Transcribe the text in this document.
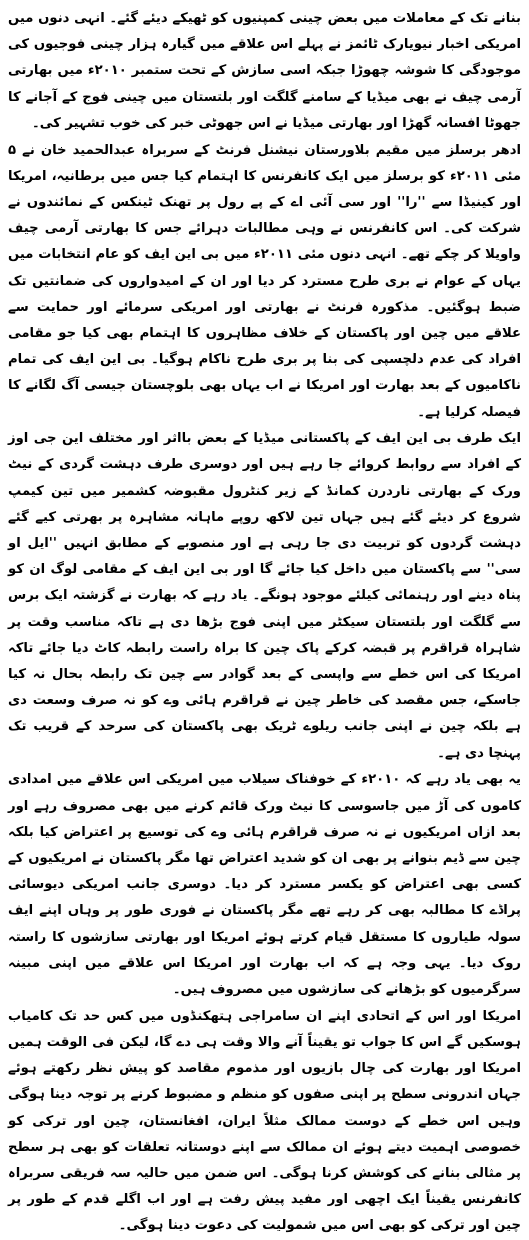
بنانے تک کے معاملات میں بعض چینی کمپنیوں کو ٹھیکے دیئے گئے۔ انہی دنوں میں امریکی اخبار نیویارک ٹائمز نے پہلے اس علاقے میں گیارہ ہزار چینی فوجیوں کی موجودگی کا شوشہ چھوڑا جبکہ اسی سازش کے تحت ستمبر ۲۰۱۰ء میں بھارتی آرمی چیف نے بھی میڈیا کے سامنے گلگت اور بلتستان میں چینی فوج کے آجانے کا جھوٹا افسانہ گھڑا اور بھارتی میڈیا نے اس جھوٹی خبر کی خوب تشہیر کی۔

ادھر برسلز میں مقیم بلاورستان نیشنل فرنٹ کے سربراہ عبدالحمید خان نے ۵ مئی ۲۰۱۱ء کو برسلز میں ایک کانفرنس کا اہتمام کیا جس میں برطانیہ، امریکا اور کینیڈا سے ''را'' اور سی آئی اے کے پے رول پر تھنک ٹینکس کے نمائندوں نے شرکت کی۔ اس کانفرنس نے وہی مطالبات دہرائے جس کا بھارتی آرمی چیف واویلا کر چکے تھے۔ انہی دنوں مئی ۲۰۱۱ء میں بی این ایف کو عام انتخابات میں یہاں کے عوام نے بری طرح مسترد کر دیا اور ان کے امیدواروں کی ضمانتیں تک ضبط ہوگئیں۔ مذکورہ فرنٹ نے بھارتی اور امریکی سرمائے اور حمایت سے علاقے میں چین اور پاکستان کے خلاف مظاہروں کا اہتمام بھی کیا جو مقامی افراد کی عدم دلچسپی کی بنا پر بری طرح ناکام ہوگیا۔ بی این ایف کی تمام ناکامیوں کے بعد بھارت اور امریکا نے اب یہاں بھی بلوچستان جیسی آگ لگانے کا فیصلہ کرلیا ہے۔

ایک طرف بی این ایف کے پاکستانی میڈیا کے بعض بااثر اور مختلف این جی اوز کے افراد سے روابط کروائے جا رہے ہیں اور دوسری طرف دہشت گردی کے نیٹ ورک کے بھارتی ناردرن کمانڈ کے زیر کنٹرول مقبوضہ کشمیر میں تین کیمپ شروع کر دیئے گئے ہیں جہاں تین لاکھ روپے ماہانہ مشاہرہ پر بھرتی کیے گئے دہشت گردوں کو تربیت دی جا رہی ہے اور منصوبے کے مطابق انہیں ''ایل او سی'' سے پاکستان میں داخل کیا جائے گا اور بی این ایف کے مقامی لوگ ان کو پناہ دینے اور رہنمائی کیلئے موجود ہونگے۔ یاد رہے کہ بھارت نے گزشتہ ایک برس سے گلگت اور بلتستان سیکٹر میں اپنی فوج بڑھا دی ہے تاکہ مناسب وقت پر شاہراہ قراقرم پر قبضہ کرکے پاک چین کا براہ راست رابطہ کاٹ دیا جائے تاکہ امریکا کی اس خطے سے واپسی کے بعد گوادر سے چین تک رابطہ بحال نہ کیا جاسکے، جس مقصد کی خاطر چین نے قراقرم ہائی وے کو نہ صرف وسعت دی ہے بلکہ چین نے اپنی جانب ریلوے ٹریک بھی پاکستان کی سرحد کے قریب تک پہنچا دی ہے۔

یہ بھی یاد رہے کہ ۲۰۱۰ء کے خوفناک سیلاب میں امریکی اس علاقے میں امدادی کاموں کی آڑ میں جاسوسی کا نیٹ ورک قائم کرنے میں بھی مصروف رہے اور بعد ازاں امریکیوں نے نہ صرف قراقرم ہائی وے کی توسیع پر اعتراض کیا بلکہ چین سے ڈیم بنوانے پر بھی ان کو شدید اعتراض تھا مگر پاکستان نے امریکیوں کے کسی بھی اعتراض کو یکسر مسترد کر دیا۔ دوسری جانب امریکی دیوسائی پراڈے کا مطالبہ بھی کر رہے تھے مگر پاکستان نے فوری طور پر وہاں اپنے ایف سولہ طیاروں کا مستقل قیام کرتے ہوئے امریکا اور بھارتی سازشوں کا راستہ روک دیا۔ یہی وجہ ہے کہ اب بھارت اور امریکا اس علاقے میں اپنی مبینہ سرگرمیوں کو بڑھانے کی سازشوں میں مصروف ہیں۔

امریکا اور اس کے اتحادی اپنے ان سامراجی ہتھکنڈوں میں کس حد تک کامیاب ہوسکیں گے اس کا جواب تو یقیناً آنے والا وقت ہی دے گا، لیکن فی الوقت ہمیں امریکا اور بھارت کی چال بازیوں اور مذموم مقاصد کو پیش نظر رکھتے ہوئے جہاں اندرونی سطح پر اپنی صفوں کو منظم و مضبوط کرنے پر توجہ دینا ہوگی وہیں اس خطے کے دوست ممالک مثلاً ایران، افغانستان، چین اور ترکی کو خصوصی اہمیت دیتے ہوئے ان ممالک سے اپنے دوستانہ تعلقات کو بھی ہر سطح پر مثالی بنانے کی کوشش کرنا ہوگی۔ اس ضمن میں حالیہ سہ فریقی سربراہ کانفرنس یقیناً ایک اچھی اور مفید پیش رفت ہے اور اب اگلے قدم کے طور پر چین اور ترکی کو بھی اس میں شمولیت کی دعوت دینا ہوگی۔
